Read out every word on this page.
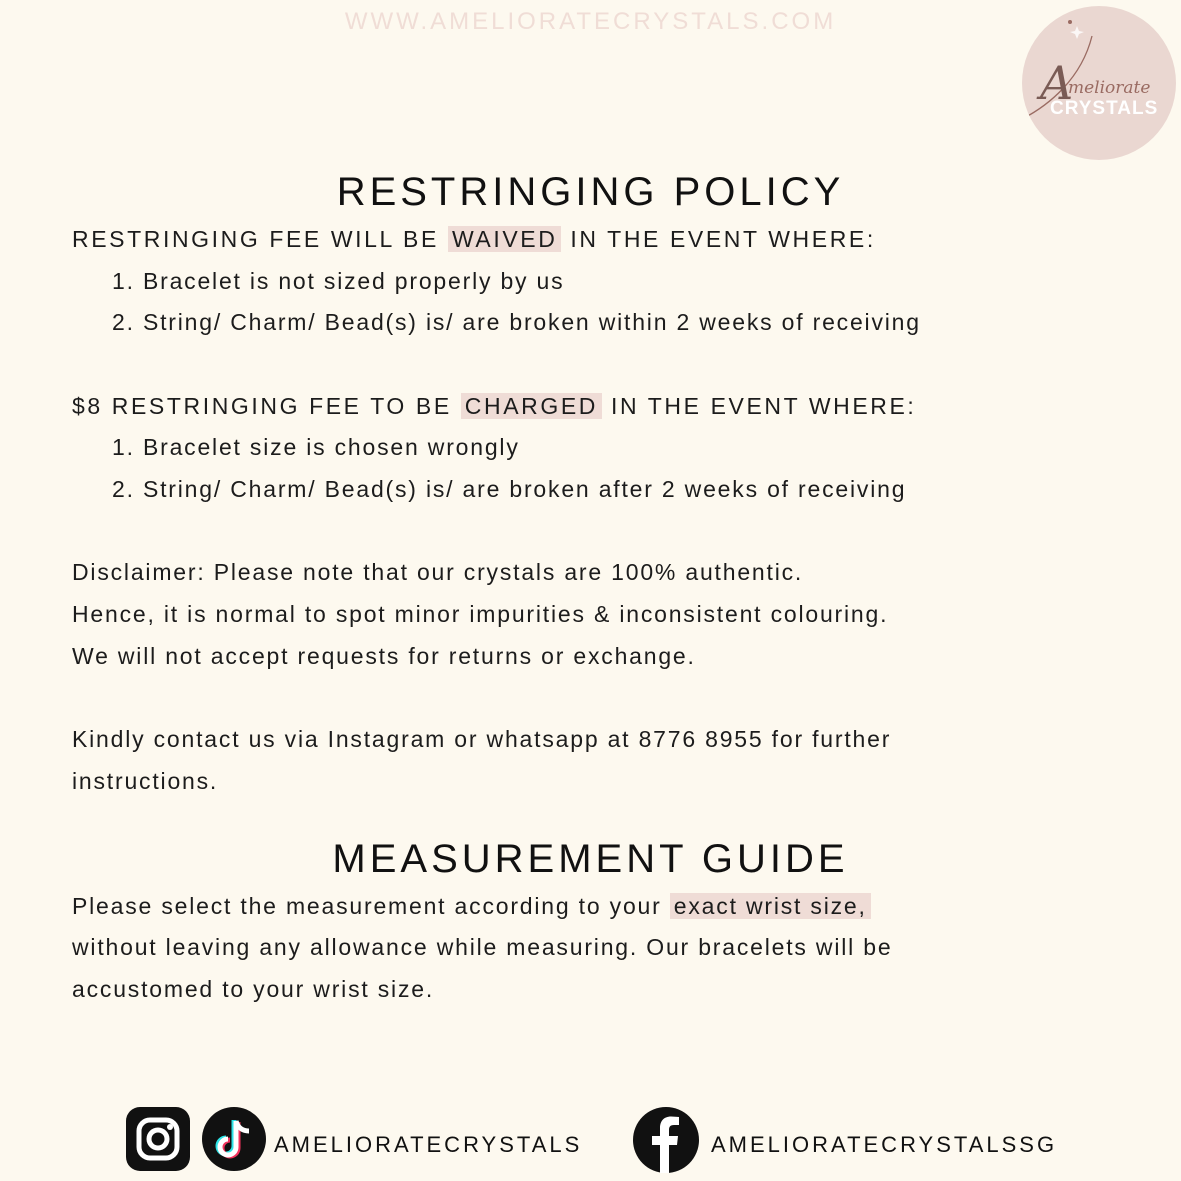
WWW.AMELIORATECRYSTALS.COM
A
meliorate
CRYSTALS
RESTRINGING POLICY

RESTRINGING FEE WILL BE WAIVED IN THE EVENT WHERE:

1. Bracelet is not sized properly by us

2. String/ Charm/ Bead(s) is/ are broken within 2 weeks of receiving

$8 RESTRINGING FEE TO BE CHARGED IN THE EVENT WHERE:

1. Bracelet size is chosen wrongly

2. String/ Charm/ Bead(s) is/ are broken after 2 weeks of receiving

Disclaimer: Please note that our crystals are 100% authentic.

Hence, it is normal to spot minor impurities & inconsistent colouring.

We will not accept requests for returns or exchange.

Kindly contact us via Instagram or whatsapp at 8776 8955 for further

instructions.

MEASUREMENT GUIDE

Please select the measurement according to your exact wrist size,

without leaving any allowance while measuring. Our bracelets will be

accustomed to your wrist size.

AMELIORATECRYSTALS	AMELIORATECRYSTALSSG
